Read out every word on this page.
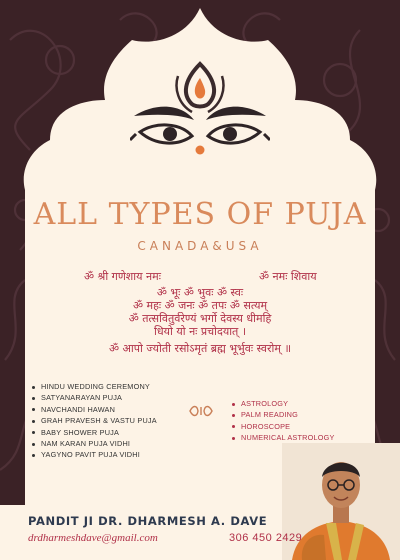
ALL TYPES OF PUJA
CANADA&USA
ॐ श्री गणेशाय नमः	ॐ नमः शिवाय
ॐ भूः ॐ भुवः ॐ स्वः
ॐ महः ॐ जनः ॐ तपः ॐ सत्यम्
ॐ तत्सवितुर्वरेण्यं भर्गो देवस्य धीमहि
धियो यो नः प्रचोदयात् ।
ॐ आपो ज्योती रसोऽमृतं ब्रह्म भूर्भुवः स्वरोम् ॥
HINDU WEDDING CEREMONY
SATYANARAYAN PUJA
NAVCHANDI HAWAN
GRAH PRAVESH & VASTU PUJA
BABY SHOWER PUJA
NAM KARAN PUJA VIDHI
YAGYNO PAVIT PUJA VIDHI
ASTROLOGY
PALM READING
HOROSCOPE
NUMERICAL ASTROLOGY
PANDIT JI DR. DHARMESH A. DAVE
drdharmeshdave@gmail.com	306 450 2429
